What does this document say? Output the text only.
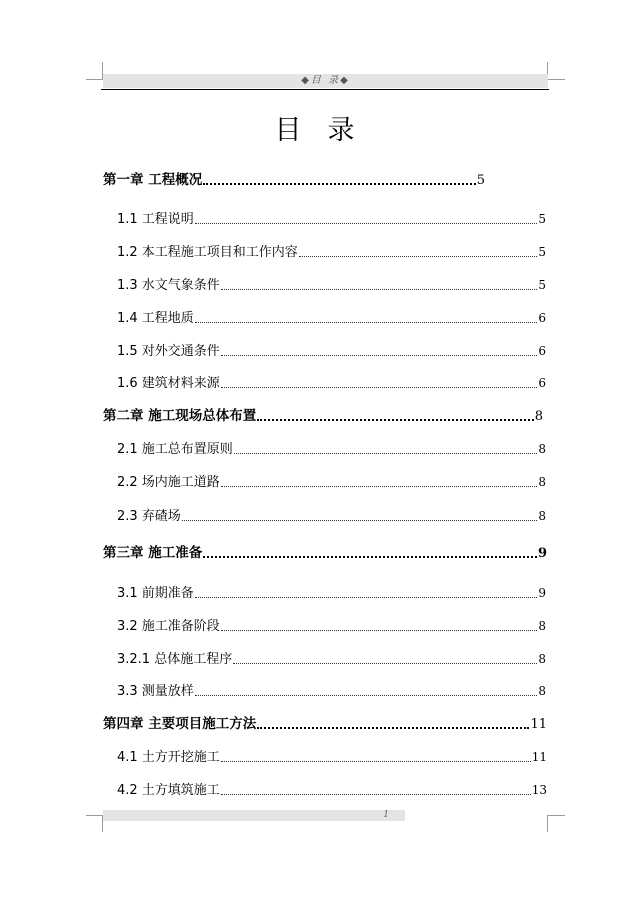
◆目 录◆
目录
第一章 工程概况	5
1.1 工程说明	5
1.2 本工程施工项目和工作内容	5
1.3 水文气象条件	5
1.4 工程地质	6
1.5 对外交通条件	6
1.6 建筑材料来源	6
第二章 施工现场总体布置	8
2.1 施工总布置原则	8
2.2 场内施工道路	8
2.3 弃碴场	8
第三章 施工准备	9
3.1 前期准备	9
3.2 施工准备阶段	8
3.2.1 总体施工程序	8
3.3 测量放样	8
第四章 主要项目施工方法	11
4.1 土方开挖施工	11
4.2 土方填筑施工	13
1
